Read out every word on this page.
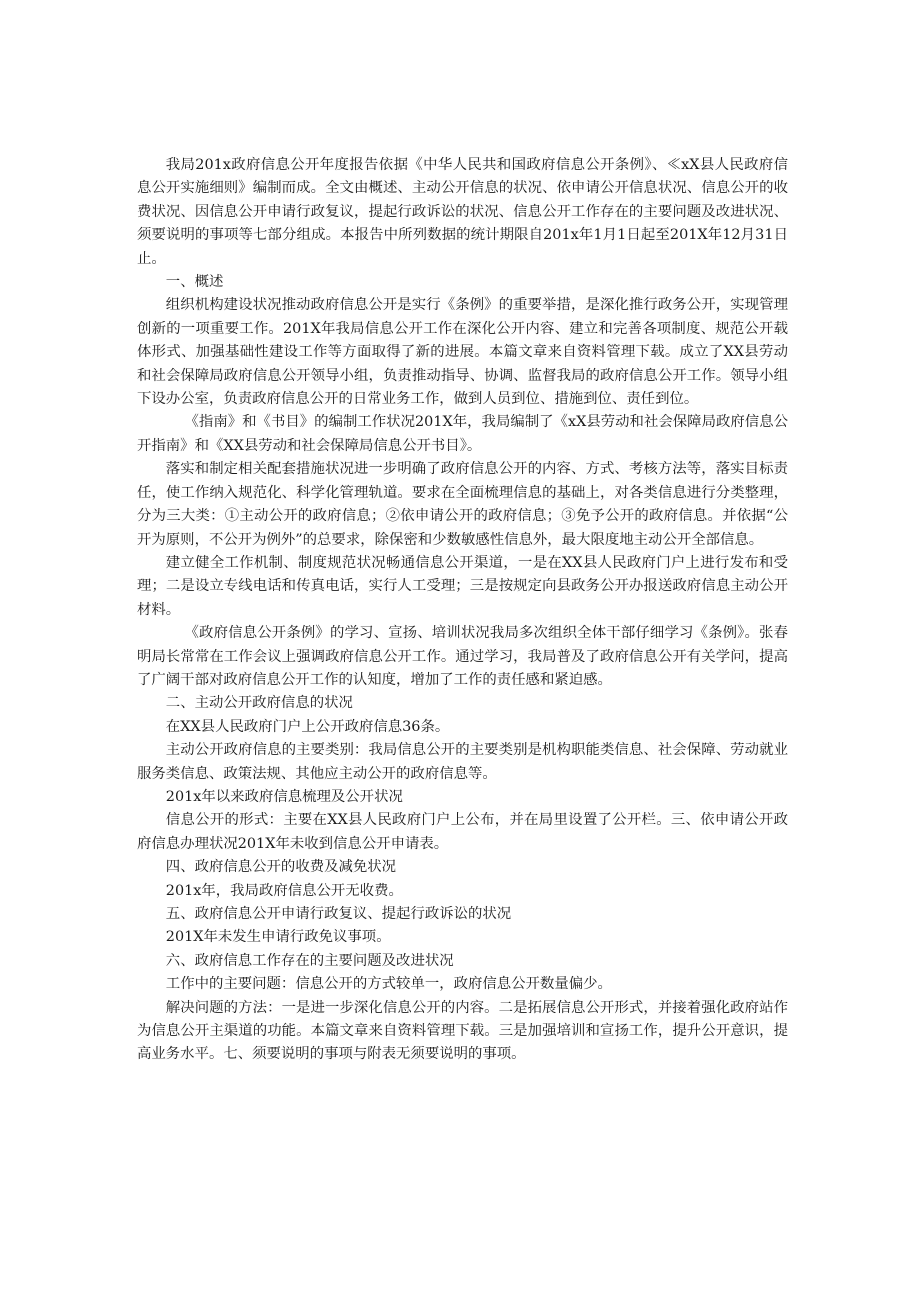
我局201x政府信息公开年度报告依据《中华人民共和国政府信息公开条例》、≪xX县人民政府信息公开实施细则》编制而成。全文由概述、主动公开信息的状况、依申请公开信息状况、信息公开的收费状况、因信息公开申请行政复议，提起行政诉讼的状况、信息公开工作存在的主要问题及改进状况、须要说明的事项等七部分组成。本报告中所列数据的统计期限自201x年1月1日起至201X年12月31日止。

一、概述

组织机构建设状况推动政府信息公开是实行《条例》的重要举措，是深化推行政务公开，实现管理创新的一项重要工作。201X年我局信息公开工作在深化公开内容、建立和完善各项制度、规范公开载体形式、加强基础性建设工作等方面取得了新的进展。本篇文章来自资料管理下载。成立了XX县劳动和社会保障局政府信息公开领导小组，负责推动指导、协调、监督我局的政府信息公开工作。领导小组下设办公室，负责政府信息公开的日常业务工作，做到人员到位、措施到位、责任到位。

《指南》和《书目》的编制工作状况201X年，我局编制了《xX县劳动和社会保障局政府信息公开指南》和《XX县劳动和社会保障局信息公开书目》。

落实和制定相关配套措施状况进一步明确了政府信息公开的内容、方式、考核方法等，落实目标责任，使工作纳入规范化、科学化管理轨道。要求在全面梳理信息的基础上，对各类信息进行分类整理，分为三大类：①主动公开的政府信息；②依申请公开的政府信息；③免予公开的政府信息。并依据“公开为原则，不公开为例外”的总要求，除保密和少数敏感性信息外，最大限度地主动公开全部信息。

建立健全工作机制、制度规范状况畅通信息公开渠道，一是在XX县人民政府门户上进行发布和受理；二是设立专线电话和传真电话，实行人工受理；三是按规定向县政务公开办报送政府信息主动公开材料。

《政府信息公开条例》的学习、宣扬、培训状况我局多次组织全体干部仔细学习《条例》。张春明局长常常在工作会议上强调政府信息公开工作。通过学习，我局普及了政府信息公开有关学问，提高了广阔干部对政府信息公开工作的认知度，增加了工作的责任感和紧迫感。

二、主动公开政府信息的状况

在XX县人民政府门户上公开政府信息36条。

主动公开政府信息的主要类别：我局信息公开的主要类别是机构职能类信息、社会保障、劳动就业服务类信息、政策法规、其他应主动公开的政府信息等。

201x年以来政府信息梳理及公开状况

信息公开的形式：主要在XX县人民政府门户上公布，并在局里设置了公开栏。三、依申请公开政府信息办理状况201X年未收到信息公开申请表。

四、政府信息公开的收费及减免状况

201x年，我局政府信息公开无收费。

五、政府信息公开申请行政复议、提起行政诉讼的状况

201X年未发生申请行政免议事项。

六、政府信息工作存在的主要问题及改进状况

工作中的主要问题：信息公开的方式较单一，政府信息公开数量偏少。

解决问题的方法：一是进一步深化信息公开的内容。二是拓展信息公开形式，并接着强化政府站作为信息公开主渠道的功能。本篇文章来自资料管理下载。三是加强培训和宣扬工作，提升公开意识，提高业务水平。七、须要说明的事项与附表无须要说明的事项。
